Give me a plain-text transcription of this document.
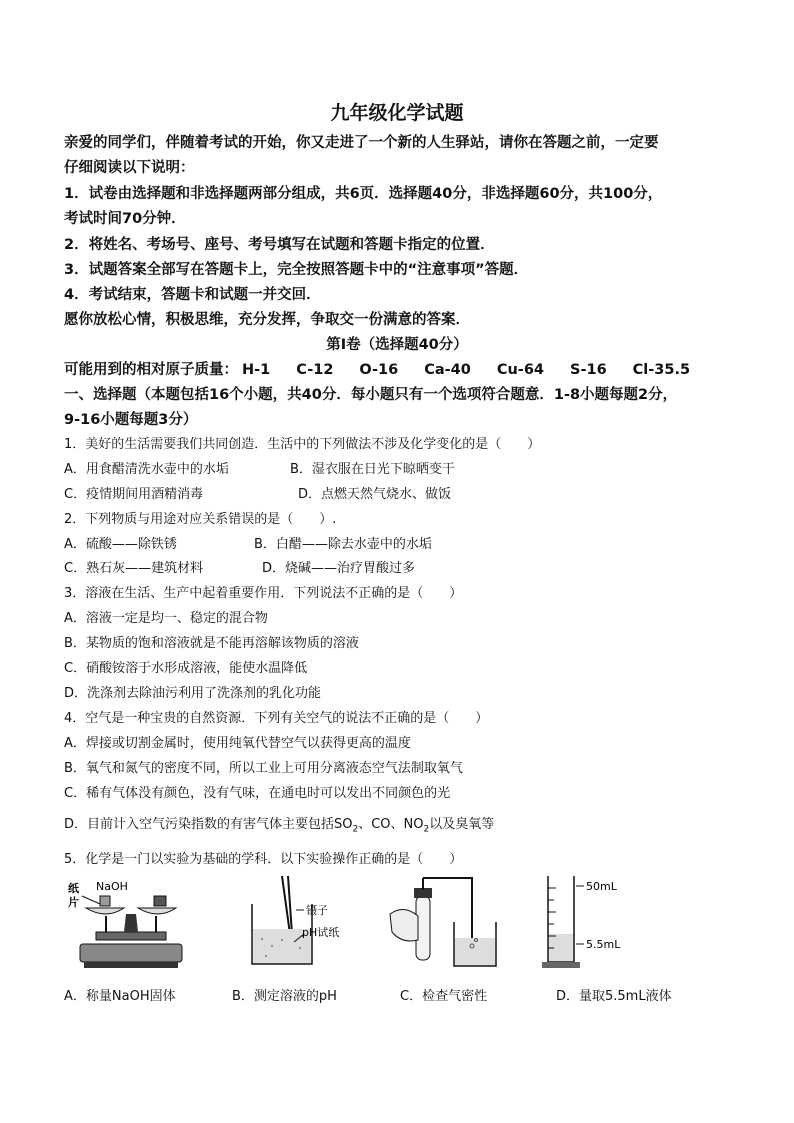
九年级化学试题
亲爱的同学们，伴随着考试的开始，你又走进了一个新的人生驿站，请你在答题之前，一定要
仔细阅读以下说明：
1．试卷由选择题和非选择题两部分组成，共6页．选择题40分，非选择题60分，共100分，
考试时间70分钟．
2．将姓名、考场号、座号、考号填写在试题和答题卡指定的位置．
3．试题答案全部写在答题卡上，完全按照答题卡中的“注意事项”答题．
4．考试结束，答题卡和试题一并交回．
愿你放松心情，积极思维，充分发挥，争取交一份满意的答案．
第Ⅰ卷（选择题40分）
可能用到的相对原子质量： H-1 C-12 O-16 Ca-40 Cu-64 S-16 Cl-35.5
一、选择题（本题包括16个小题，共40分．每小题只有一个选项符合题意．1-8小题每题2分，
9-16小题每题3分）
1．美好的生活需要我们共同创造．生活中的下列做法不涉及化学变化的是（　　）
A．用食醋清洗水壶中的水垢	B．湿衣服在日光下晾晒变干
C．疫情期间用酒精消毒	D．点燃天然气烧水、做饭
2．下列物质与用途对应关系错误的是（　　）.
A．硫酸——除铁锈	B．白醋——除去水壶中的水垢
C．熟石灰——建筑材料	D．烧碱——治疗胃酸过多
3．溶液在生活、生产中起着重要作用．下列说法不正确的是（　　）
A．溶液一定是均一、稳定的混合物
B．某物质的饱和溶液就是不能再溶解该物质的溶液
C．硝酸铵溶于水形成溶液，能使水温降低
D．洗涤剂去除油污利用了洗涤剂的乳化功能
4．空气是一种宝贵的自然资源．下列有关空气的说法不正确的是（　　）
A．焊接或切割金属时，使用纯氧代替空气以获得更高的温度
B．氧气和氮气的密度不同，所以工业上可用分离液态空气法制取氧气
C．稀有气体没有颜色，没有气味，在通电时可以发出不同颜色的光
D．目前计入空气污染指数的有害气体主要包括$SO_2$、CO、$NO_2$以及臭氧等
5．化学是一门以实验为基础的学科．以下实验操作正确的是（　　）
纸
片
NaOH
镊子
pH试纸
50mL
5.5mL
A．称量NaOH固体	B．测定溶液的pH	C．检查气密性	D．量取5.5mL液体
